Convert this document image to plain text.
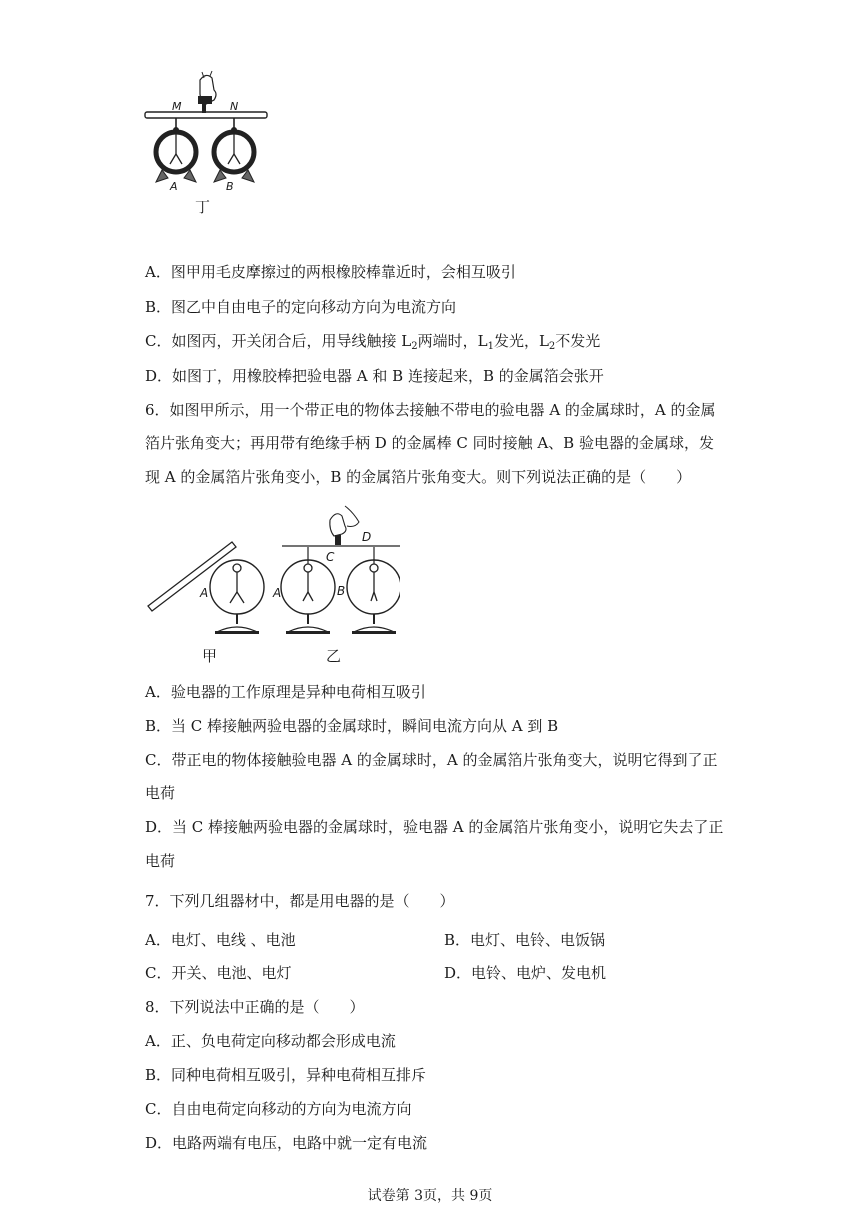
M	N
A	B
丁
A．图甲用毛皮摩擦过的两根橡胶棒靠近时，会相互吸引
B．图乙中自由电子的定向移动方向为电流方向
C．如图丙，开关闭合后，用导线触接 $L_2$两端时，$L_1$发光，$L_2$不发光
D．如图丁，用橡胶棒把验电器 A 和 B 连接起来，B 的金属箔会张开
6．如图甲所示，用一个带正电的物体去接触不带电的验电器 A 的金属球时，A 的金属
箔片张角变大；再用带有绝缘手柄 D 的金属棒 C 同时接触 A、B 验电器的金属球，发
现 A 的金属箔片张角变小，B 的金属箔片张角变大。则下列说法正确的是（　　）
A	A	B
C
D
甲	乙
A．验电器的工作原理是异种电荷相互吸引
B．当 C 棒接触两验电器的金属球时，瞬间电流方向从 A 到 B
C．带正电的物体接触验电器 A 的金属球时，A 的金属箔片张角变大，说明它得到了正
电荷
D．当 C 棒接触两验电器的金属球时，验电器 A 的金属箔片张角变小，说明它失去了正
电荷
7．下列几组器材中，都是用电器的是（　　）
A．电灯、电线 、电池	B．电灯、电铃、电饭锅
C．开关、电池、电灯	D．电铃、电炉、发电机
8．下列说法中正确的是（　　）
A．正、负电荷定向移动都会形成电流
B．同种电荷相互吸引，异种电荷相互排斥
C．自由电荷定向移动的方向为电流方向
D．电路两端有电压，电路中就一定有电流
试卷第 3页，共 9页
